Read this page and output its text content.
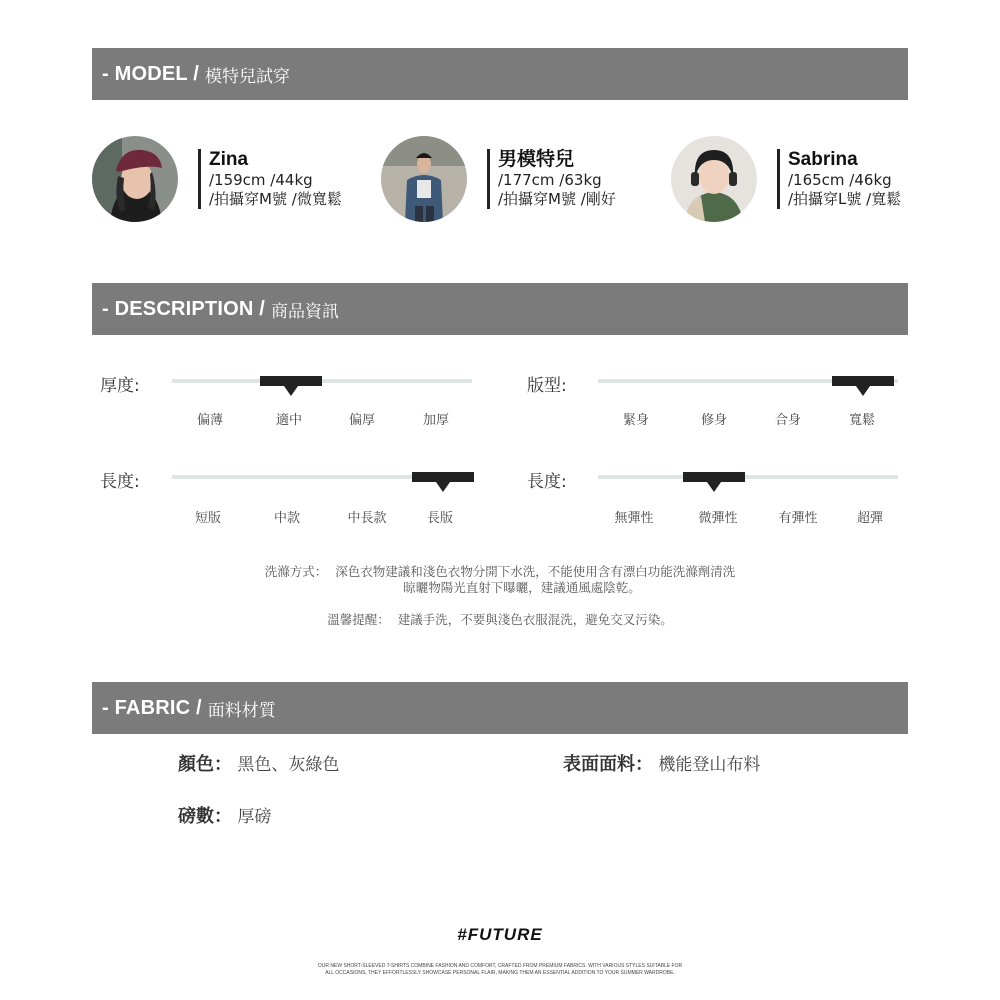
- MODEL / 模特兒試穿
Zina
/159cm /44kg
/拍攝穿M號 /微寬鬆
男模特兒
/177cm /63kg
/拍攝穿M號 /剛好
Sabrina
/165cm /46kg
/拍攝穿L號 /寬鬆
- DESCRIPTION / 商品資訊
厚度:
偏薄	適中	偏厚	加厚
版型:
緊身	修身	合身	寬鬆
長度:
短版	中款	中長款	長版
長度:
無彈性	微彈性	有彈性	超彈
洗滌方式： 深色衣物建議和淺色衣物分開下水洗，不能使用含有漂白功能洗滌劑清洗
晾曬物陽光直射下曝曬，建議通風處陰乾。
溫馨提醒： 建議手洗，不要與淺色衣服混洗，避免交叉污染。
- FABRIC / 面料材質
顏色： 黑色、灰綠色	表面面料： 機能登山布料
磅數： 厚磅
#FUTURE
OUR NEW SHORT-SLEEVED T-SHIRTS COMBINE FASHION AND COMFORT, CRAFTED FROM PREMIUM FABRICS. WITH VARIOUS STYLES SUITABLE FOR
ALL OCCASIONS, THEY EFFORTLESSLY SHOWCASE PERSONAL FLAIR, MAKING THEM AN ESSENTIAL ADDITION TO YOUR SUMMER WARDROBE.
